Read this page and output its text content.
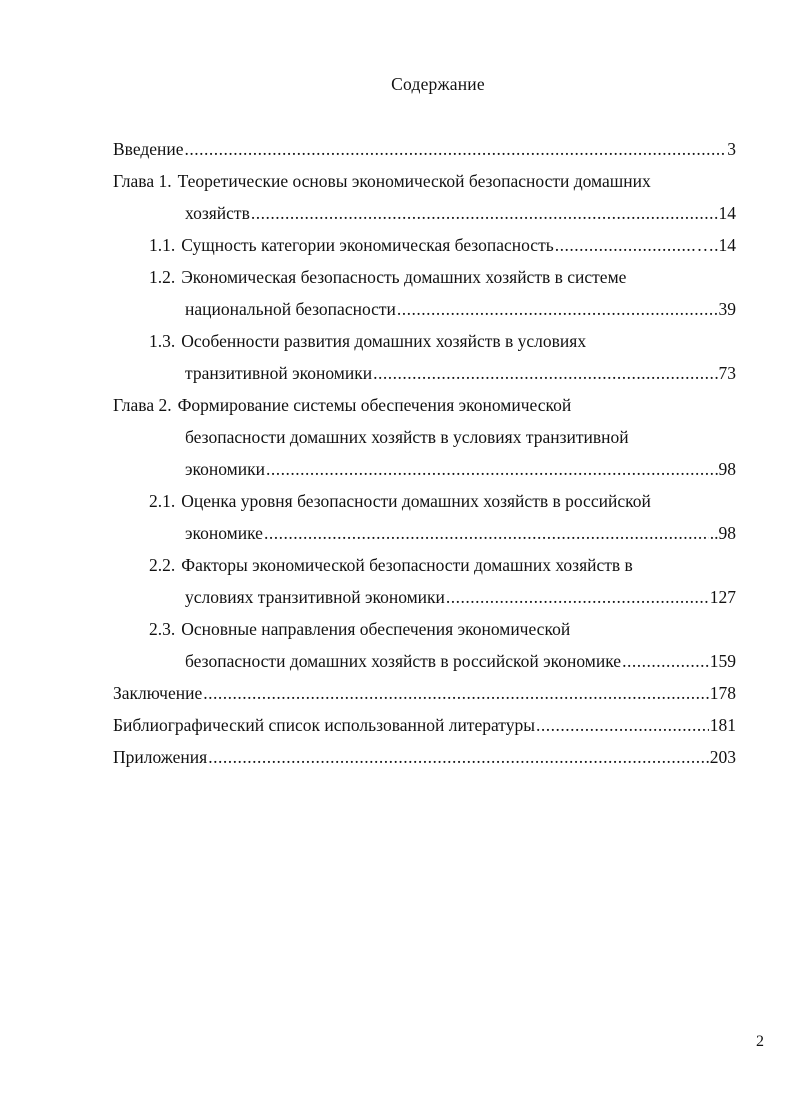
Содержание
Введение .....	3
Глава 1. Теоретические основы экономической безопасности домашних
хозяйств .....	14
1.1. Сущность категории экономическая безопасность .....	….14
1.2. Экономическая безопасность домашних хозяйств в системе
национальной безопасности .....	39
1.3. Особенности развития домашних хозяйств в условиях
транзитивной экономики .....	73
Глава 2. Формирование системы обеспечения экономической
безопасности домашних хозяйств в условиях транзитивной
экономики .....	98
2.1. Оценка уровня безопасности домашних хозяйств в российской
экономике .....	..98
2.2. Факторы экономической безопасности домашних хозяйств в
условиях транзитивной экономики .....	127
2.3. Основные направления обеспечения экономической
безопасности домашних хозяйств в российской экономике .....	159
Заключение .....	178
Библиографический список использованной литературы .....	181
Приложения .....	203
2
